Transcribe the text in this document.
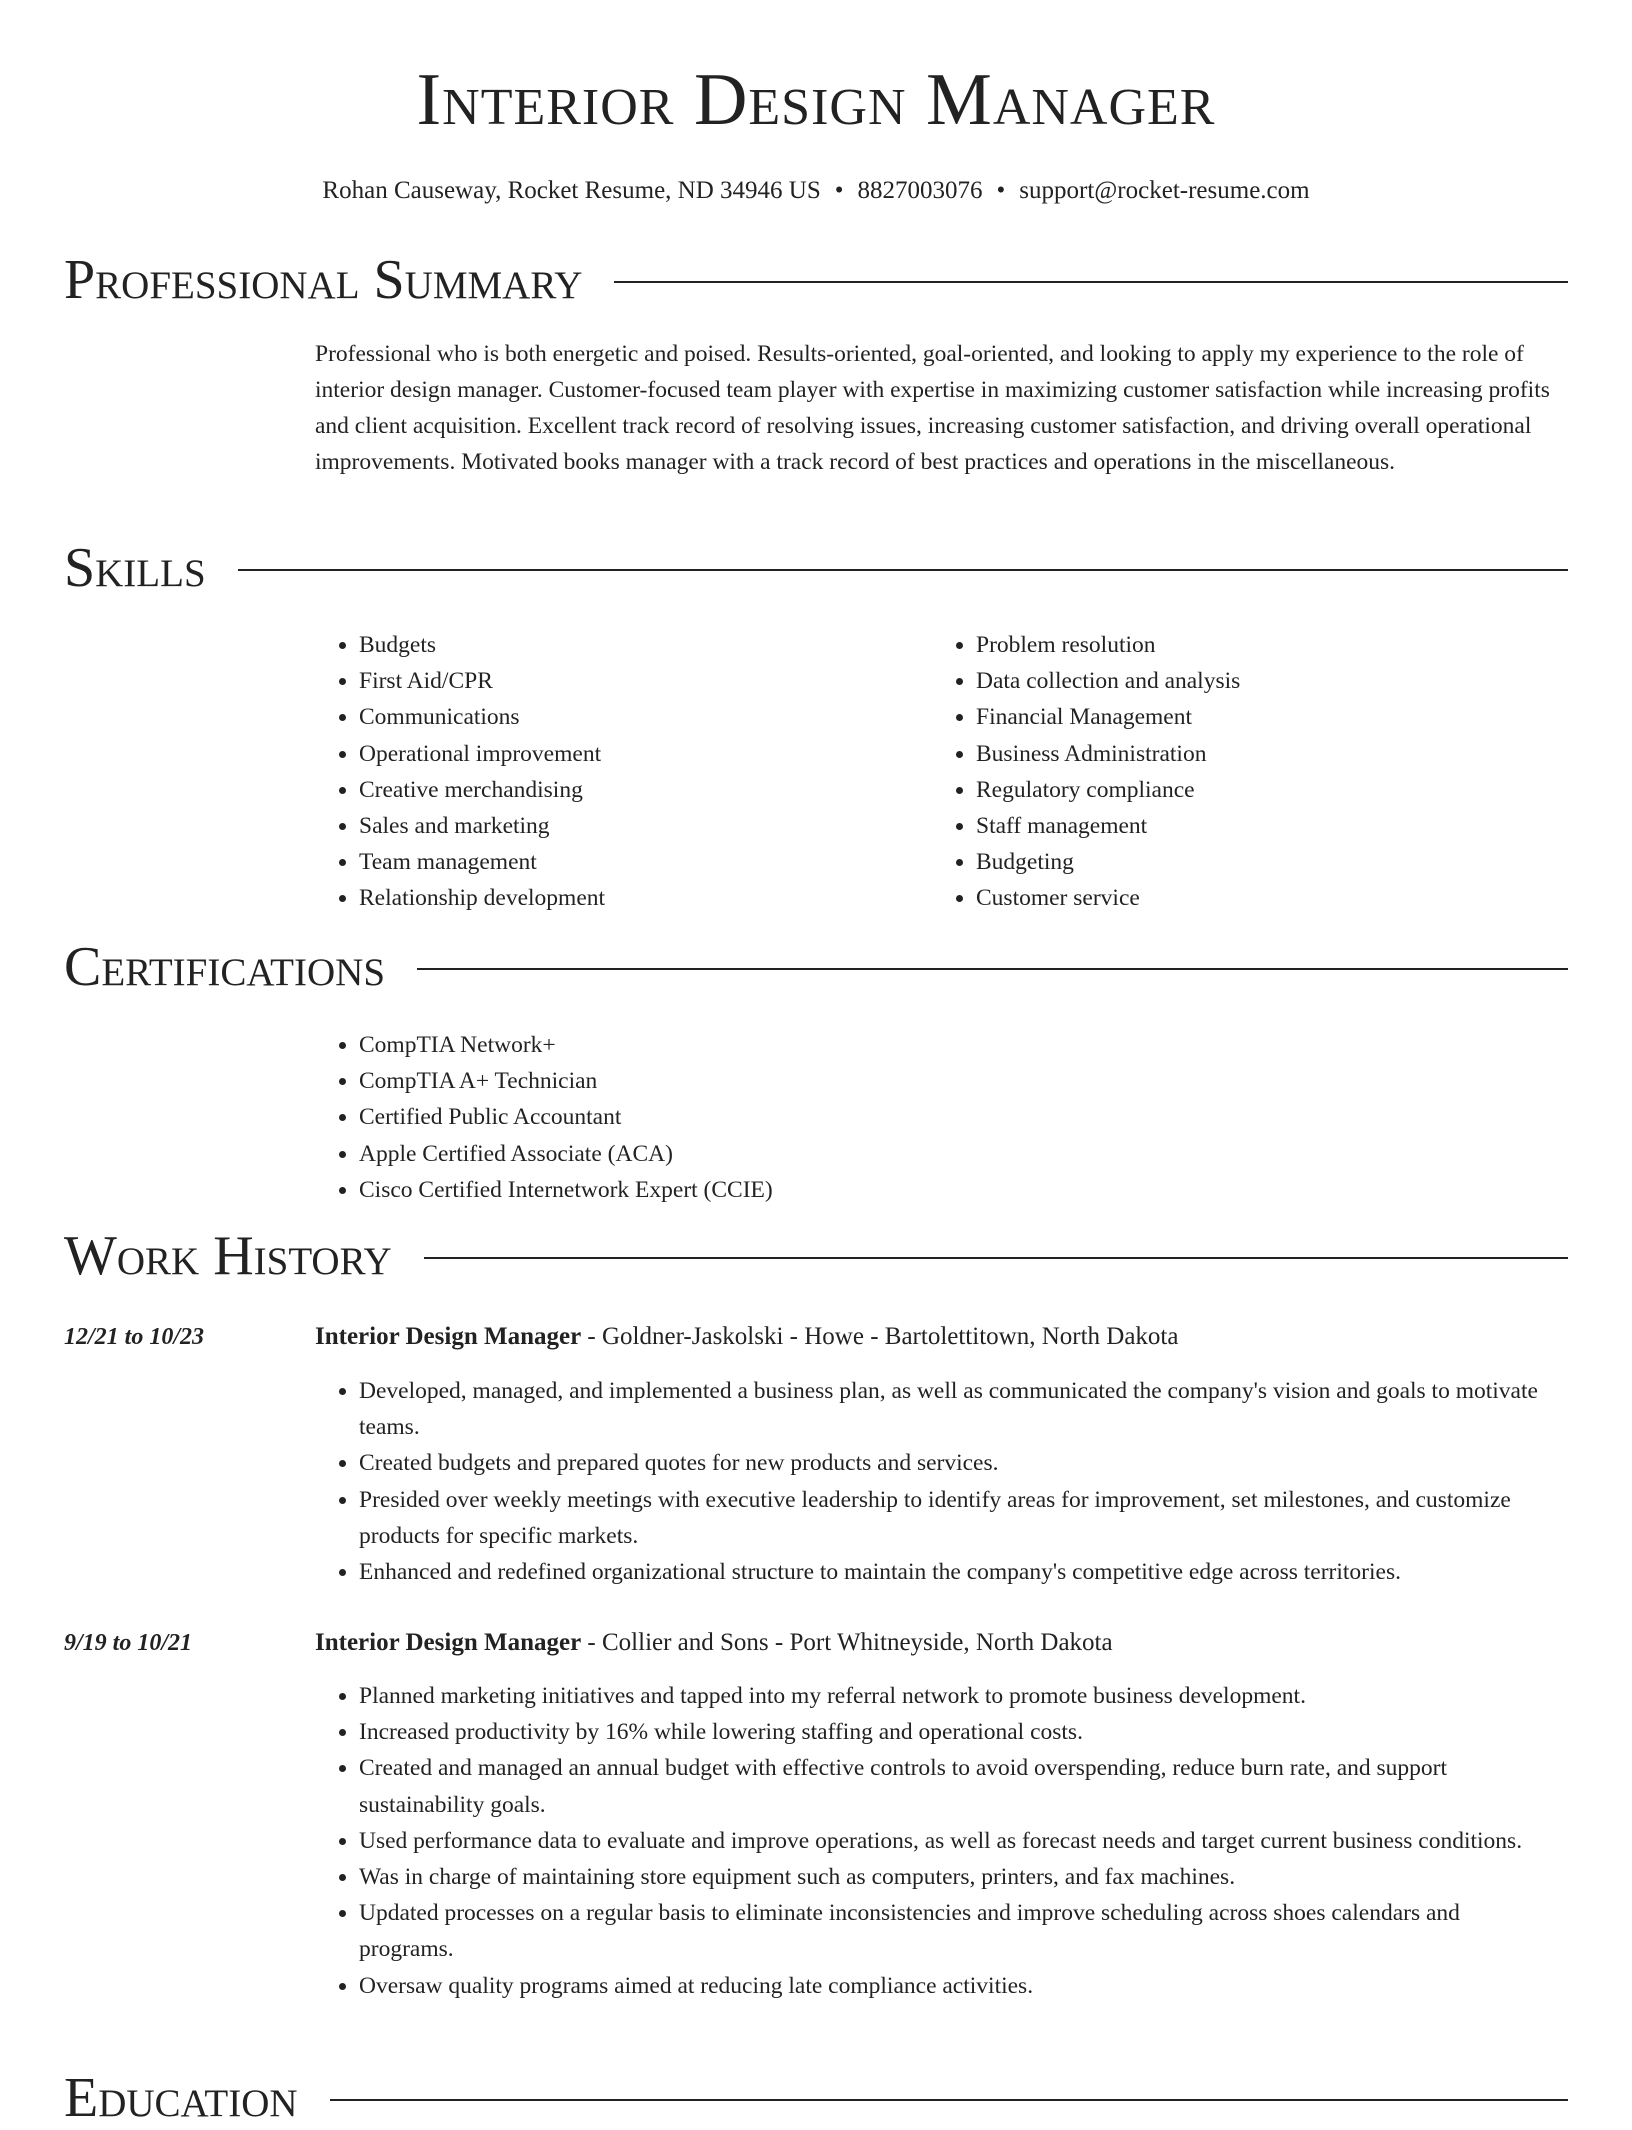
Interior Design Manager
Rohan Causeway, Rocket Resume, ND 34946 US • 8827003076 • support@rocket-resume.com
Professional Summary

Professional who is both energetic and poised. Results-oriented, goal-oriented, and looking to apply my experience to the role of interior design manager. Customer-focused team player with expertise in maximizing customer satisfaction while increasing profits and client acquisition. Excellent track record of resolving issues, increasing customer satisfaction, and driving overall operational improvements. Motivated books manager with a track record of best practices and operations in the miscellaneous.

Skills
• Budgets
• First Aid/CPR
• Communications
• Operational improvement
• Creative merchandising
• Sales and marketing
• Team management
• Relationship development
• Problem resolution
• Data collection and analysis
• Financial Management
• Business Administration
• Regulatory compliance
• Staff management
• Budgeting
• Customer service
Certifications
• CompTIA Network+
• CompTIA A+ Technician
• Certified Public Accountant
• Apple Certified Associate (ACA)
• Cisco Certified Internetwork Expert (CCIE)
Work History
12/21 to 10/23	Interior Design Manager - Goldner-Jaskolski - Howe - Bartolettitown, North Dakota
• Developed, managed, and implemented a business plan, as well as communicated the company's vision and goals to motivate teams.
• Created budgets and prepared quotes for new products and services.
• Presided over weekly meetings with executive leadership to identify areas for improvement, set milestones, and customize products for specific markets.
• Enhanced and redefined organizational structure to maintain the company's competitive edge across territories.
9/19 to 10/21	Interior Design Manager - Collier and Sons - Port Whitneyside, North Dakota
• Planned marketing initiatives and tapped into my referral network to promote business development.
• Increased productivity by 16% while lowering staffing and operational costs.
• Created and managed an annual budget with effective controls to avoid overspending, reduce burn rate, and support sustainability goals.
• Used performance data to evaluate and improve operations, as well as forecast needs and target current business conditions.
• Was in charge of maintaining store equipment such as computers, printers, and fax machines.
• Updated processes on a regular basis to eliminate inconsistencies and improve scheduling across shoes calendars and programs.
• Oversaw quality programs aimed at reducing late compliance activities.
Education
